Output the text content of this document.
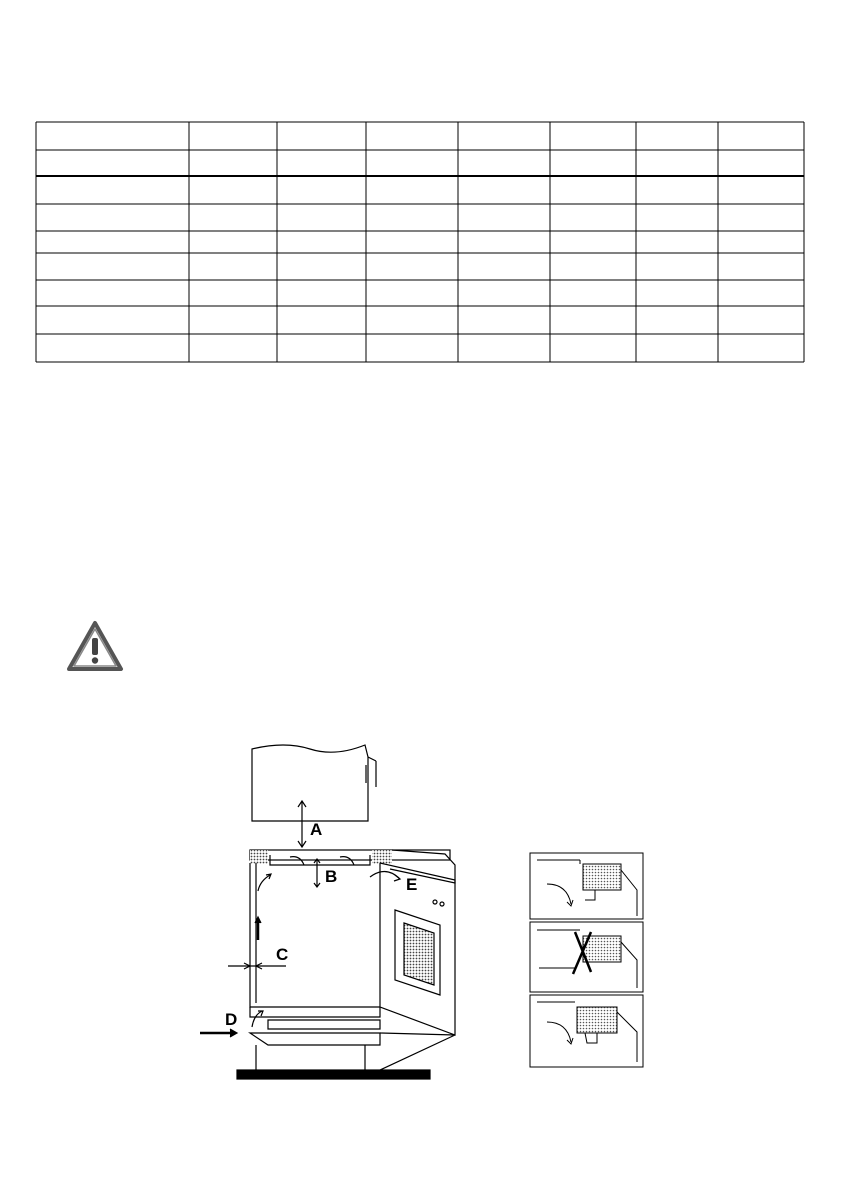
A
B
C
D
E
